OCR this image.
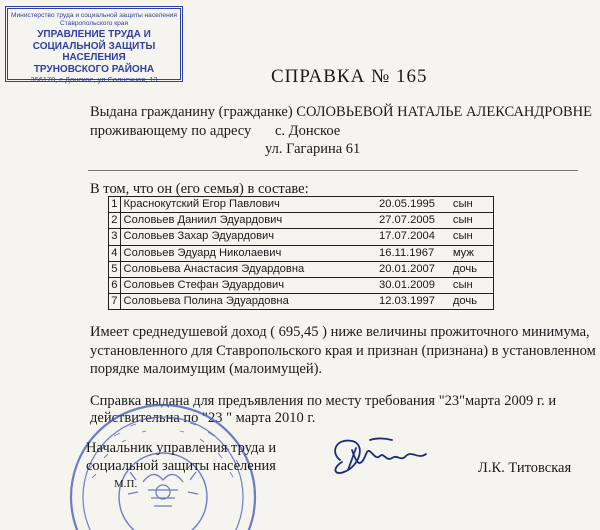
Министерство труда и социальной защиты населения
Ставропольского края
УПРАВЛЕНИЕ ТРУДА И
СОЦИАЛЬНОЙ ЗАЩИТЫ НАСЕЛЕНИЯ
ТРУНОВСКОГО РАЙОНА
356170, с.Донское, ул.Солнечная, 13	СПРАВКА № 165
Выдана гражданину (гражданке) СОЛОВЬЕВОЙ НАТАЛЬЕ АЛЕКСАНДРОВНЕ
проживающему по адресу с. Донское
ул. Гагарина 61
В том, что он (его семья) в составе:
1	Краснокутский Егор Павлович	20.05.1995	сын
2	Соловьев Даниил Эдуардович	27.07.2005	сын
3	Соловьев Захар Эдуардович	17.07.2004	сын
4	Соловьев Эдуард Николаевич	16.11.1967	муж
5	Соловьева Анастасия Эдуардовна	20.01.2007	дочь
6	Соловьев Стефан Эдуардович	30.01.2009	сын
7	Соловьева Полина Эдуардовна	12.03.1997	дочь
Имеет среднедушевой доход ( 695,45 ) ниже величины прожиточного минимума,
установленного для Ставропольского края и признан (признана) в установленном
порядке малоимущим (малоимущей).
Справка выдана для предъявления по месту требования "23"марта 2009 г. и
действительна по "23 " марта 2010 г.
Начальник управления труда и
социальной защиты населения
М.П.
Л.К. Титовская
